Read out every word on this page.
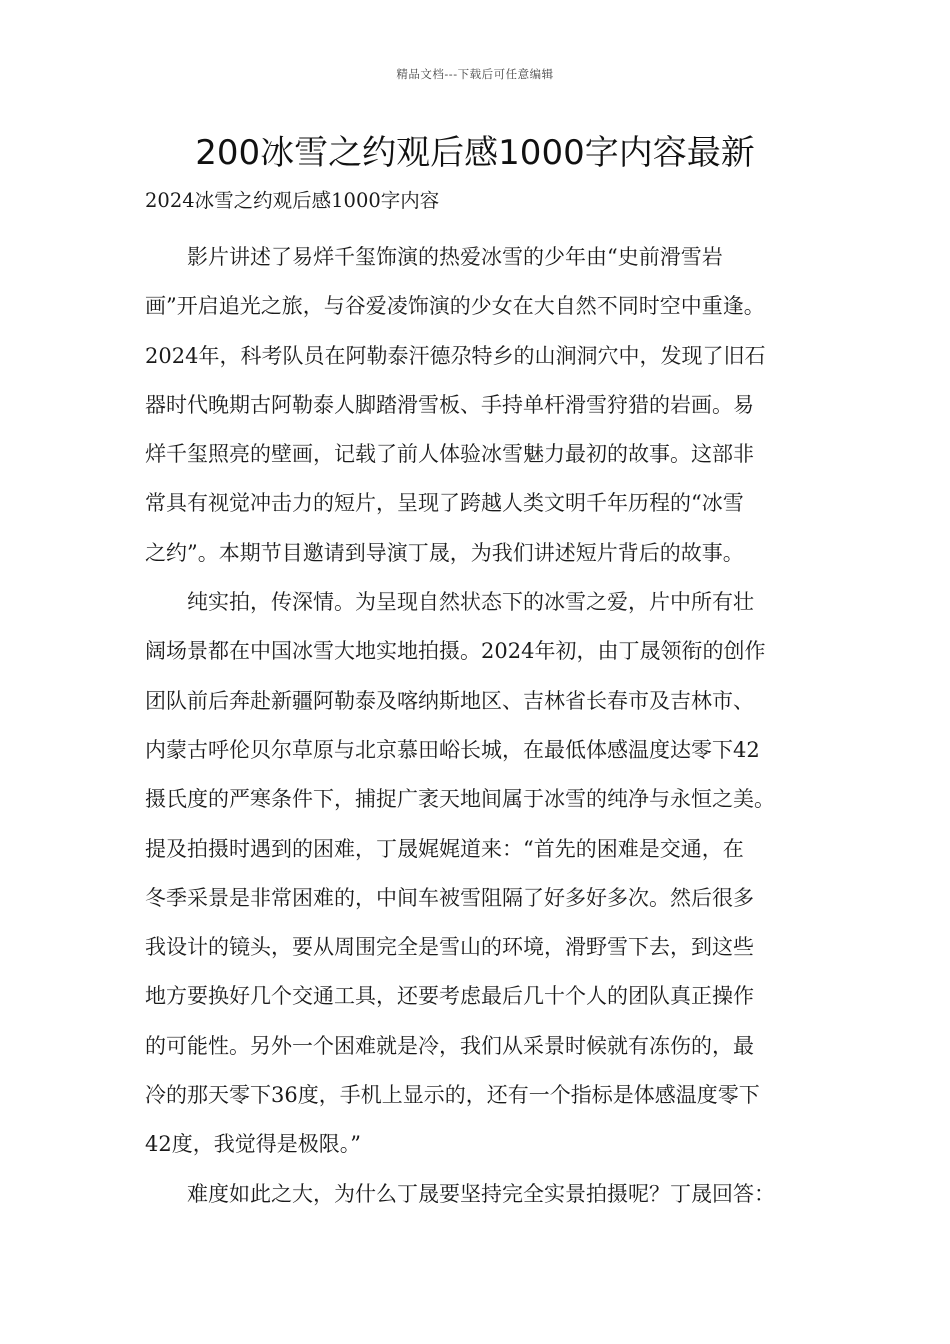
精品文档---下载后可任意编辑
200冰雪之约观后感1000字内容最新
2024冰雪之约观后感1000字内容
　　影片讲述了易烊千玺饰演的热爱冰雪的少年由“史前滑雪岩
画”开启追光之旅，与谷爱凌饰演的少女在大自然不同时空中重逢。
2024年，科考队员在阿勒泰汗德尕特乡的山涧洞穴中，发现了旧石
器时代晚期古阿勒泰人脚踏滑雪板、手持单杆滑雪狩猎的岩画。易
烊千玺照亮的壁画，记载了前人体验冰雪魅力最初的故事。这部非
常具有视觉冲击力的短片，呈现了跨越人类文明千年历程的“冰雪
之约”。本期节目邀请到导演丁晟，为我们讲述短片背后的故事。
　　纯实拍，传深情。为呈现自然状态下的冰雪之爱，片中所有壮
阔场景都在中国冰雪大地实地拍摄。2024年初，由丁晟领衔的创作
团队前后奔赴新疆阿勒泰及喀纳斯地区、吉林省长春市及吉林市、
内蒙古呼伦贝尔草原与北京慕田峪长城，在最低体感温度达零下42
摄氏度的严寒条件下，捕捉广袤天地间属于冰雪的纯净与永恒之美。
提及拍摄时遇到的困难，丁晟娓娓道来：“首先的困难是交通，在
冬季采景是非常困难的，中间车被雪阻隔了好多好多次。然后很多
我设计的镜头，要从周围完全是雪山的环境，滑野雪下去，到这些
地方要换好几个交通工具，还要考虑最后几十个人的团队真正操作
的可能性。另外一个困难就是冷，我们从采景时候就有冻伤的，最
冷的那天零下36度，手机上显示的，还有一个指标是体感温度零下
42度，我觉得是极限。”
　　难度如此之大，为什么丁晟要坚持完全实景拍摄呢？丁晟回答：
